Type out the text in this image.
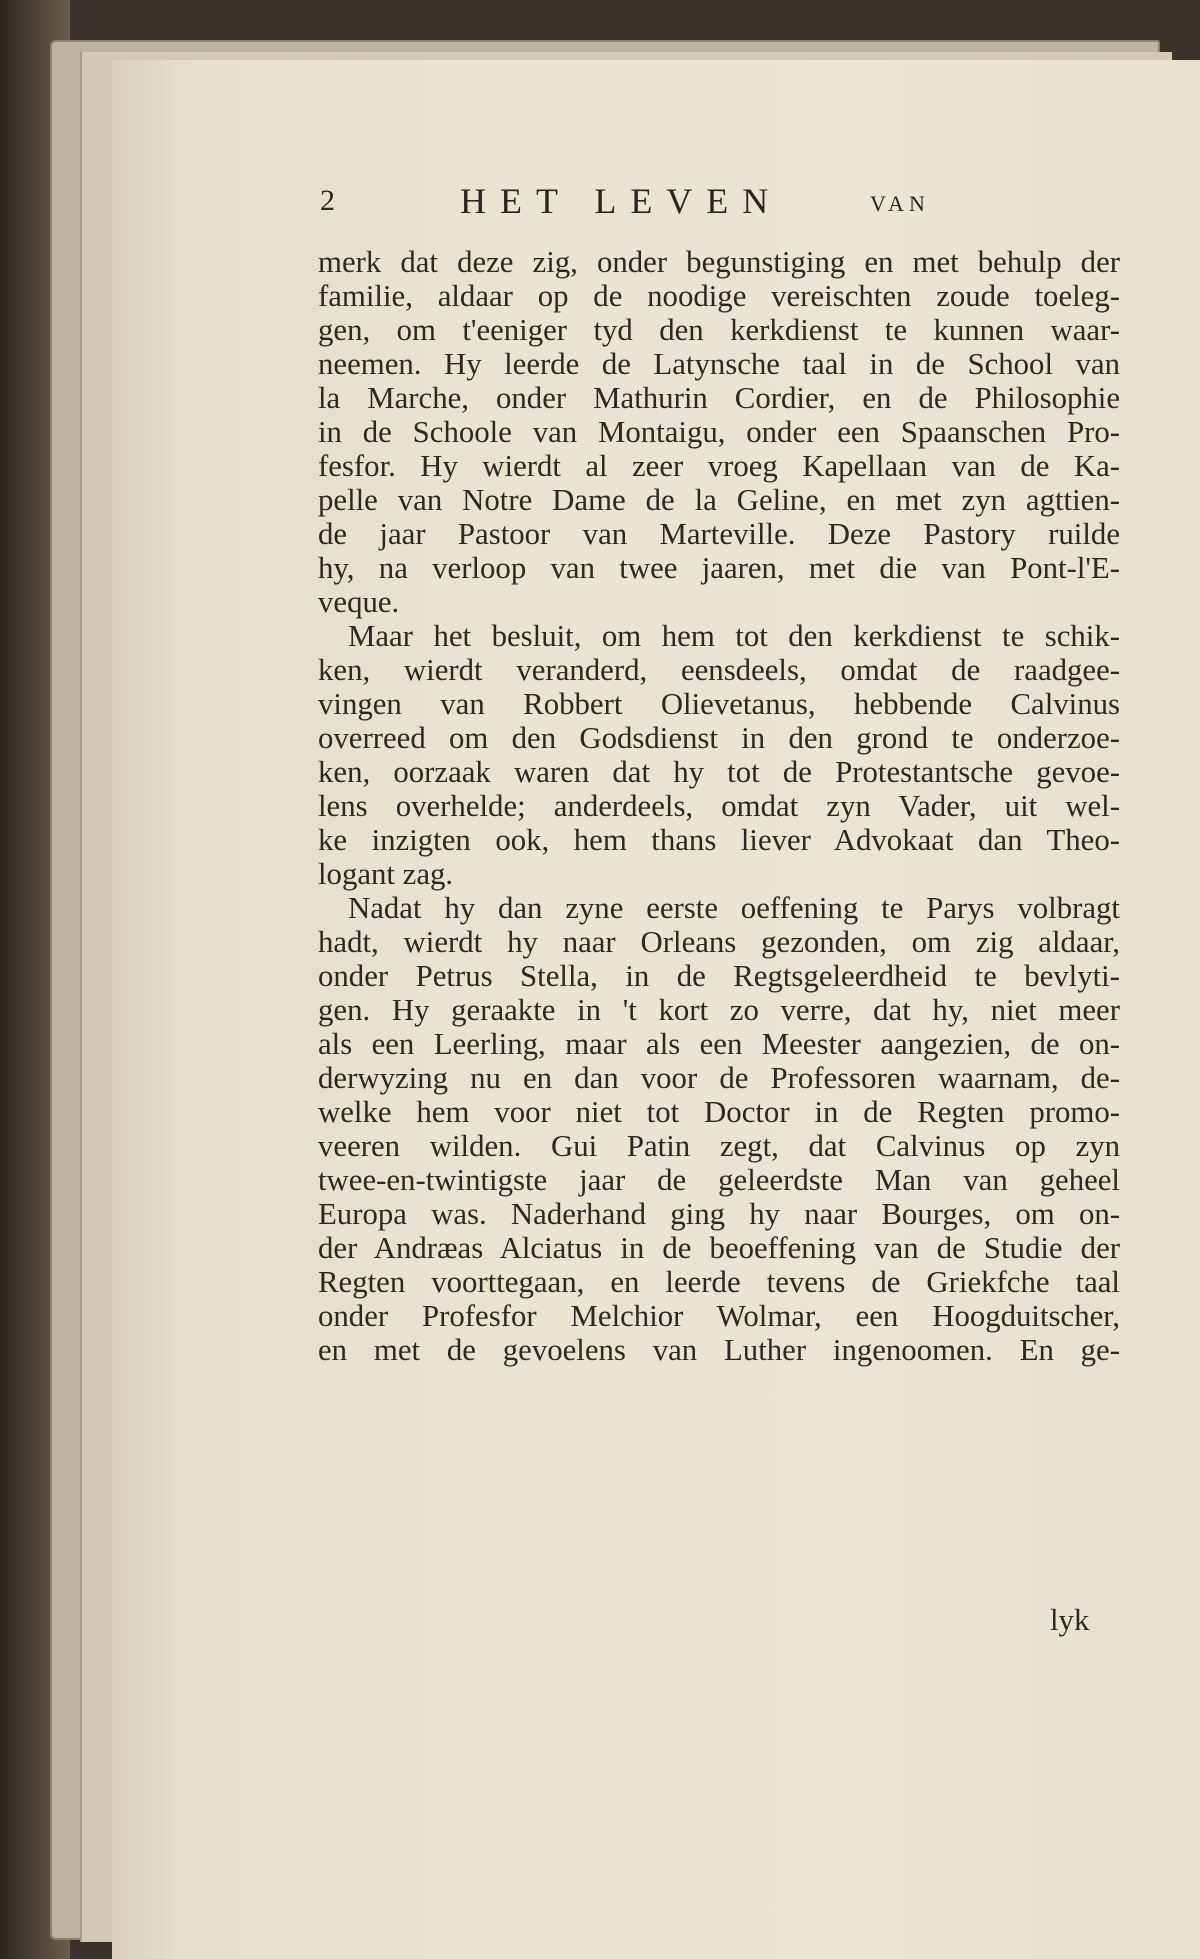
2	HET LEVEN	VAN
merk dat deze zig, onder begunstiging en met behulp der
familie, aldaar op de noodige vereischten zoude toeleg-
gen, om t'eeniger tyd den kerkdienst te kunnen waar-
neemen. Hy leerde de Latynsche taal in de School van
la Marche, onder Mathurin Cordier, en de Philosophie
in de Schoole van Montaigu, onder een Spaanschen Pro-
fesfor. Hy wierdt al zeer vroeg Kapellaan van de Ka-
pelle van Notre Dame de la Geline, en met zyn agttien-
de jaar Pastoor van Marteville. Deze Pastory ruilde
hy, na verloop van twee jaaren, met die van Pont-l'E-
veque.
Maar het besluit, om hem tot den kerkdienst te schik-
ken, wierdt veranderd, eensdeels, omdat de raadgee-
vingen van Robbert Olievetanus, hebbende Calvinus
overreed om den Godsdienst in den grond te onderzoe-
ken, oorzaak waren dat hy tot de Protestantsche gevoe-
lens overhelde; anderdeels, omdat zyn Vader, uit wel-
ke inzigten ook, hem thans liever Advokaat dan Theo-
logant zag.
Nadat hy dan zyne eerste oeffening te Parys volbragt
hadt, wierdt hy naar Orleans gezonden, om zig aldaar,
onder Petrus Stella, in de Regtsgeleerdheid te bevlyti-
gen. Hy geraakte in 't kort zo verre, dat hy, niet meer
als een Leerling, maar als een Meester aangezien, de on-
derwyzing nu en dan voor de Professoren waarnam, de-
welke hem voor niet tot Doctor in de Regten promo-
veeren wilden. Gui Patin zegt, dat Calvinus op zyn
twee-en-twintigste jaar de geleerdste Man van geheel
Europa was. Naderhand ging hy naar Bourges, om on-
der Andræas Alciatus in de beoeffening van de Studie der
Regten voorttegaan, en leerde tevens de Griekfche taal
onder Profesfor Melchior Wolmar, een Hoogduitscher,
en met de gevoelens van Luther ingenoomen. En ge-
lyk
